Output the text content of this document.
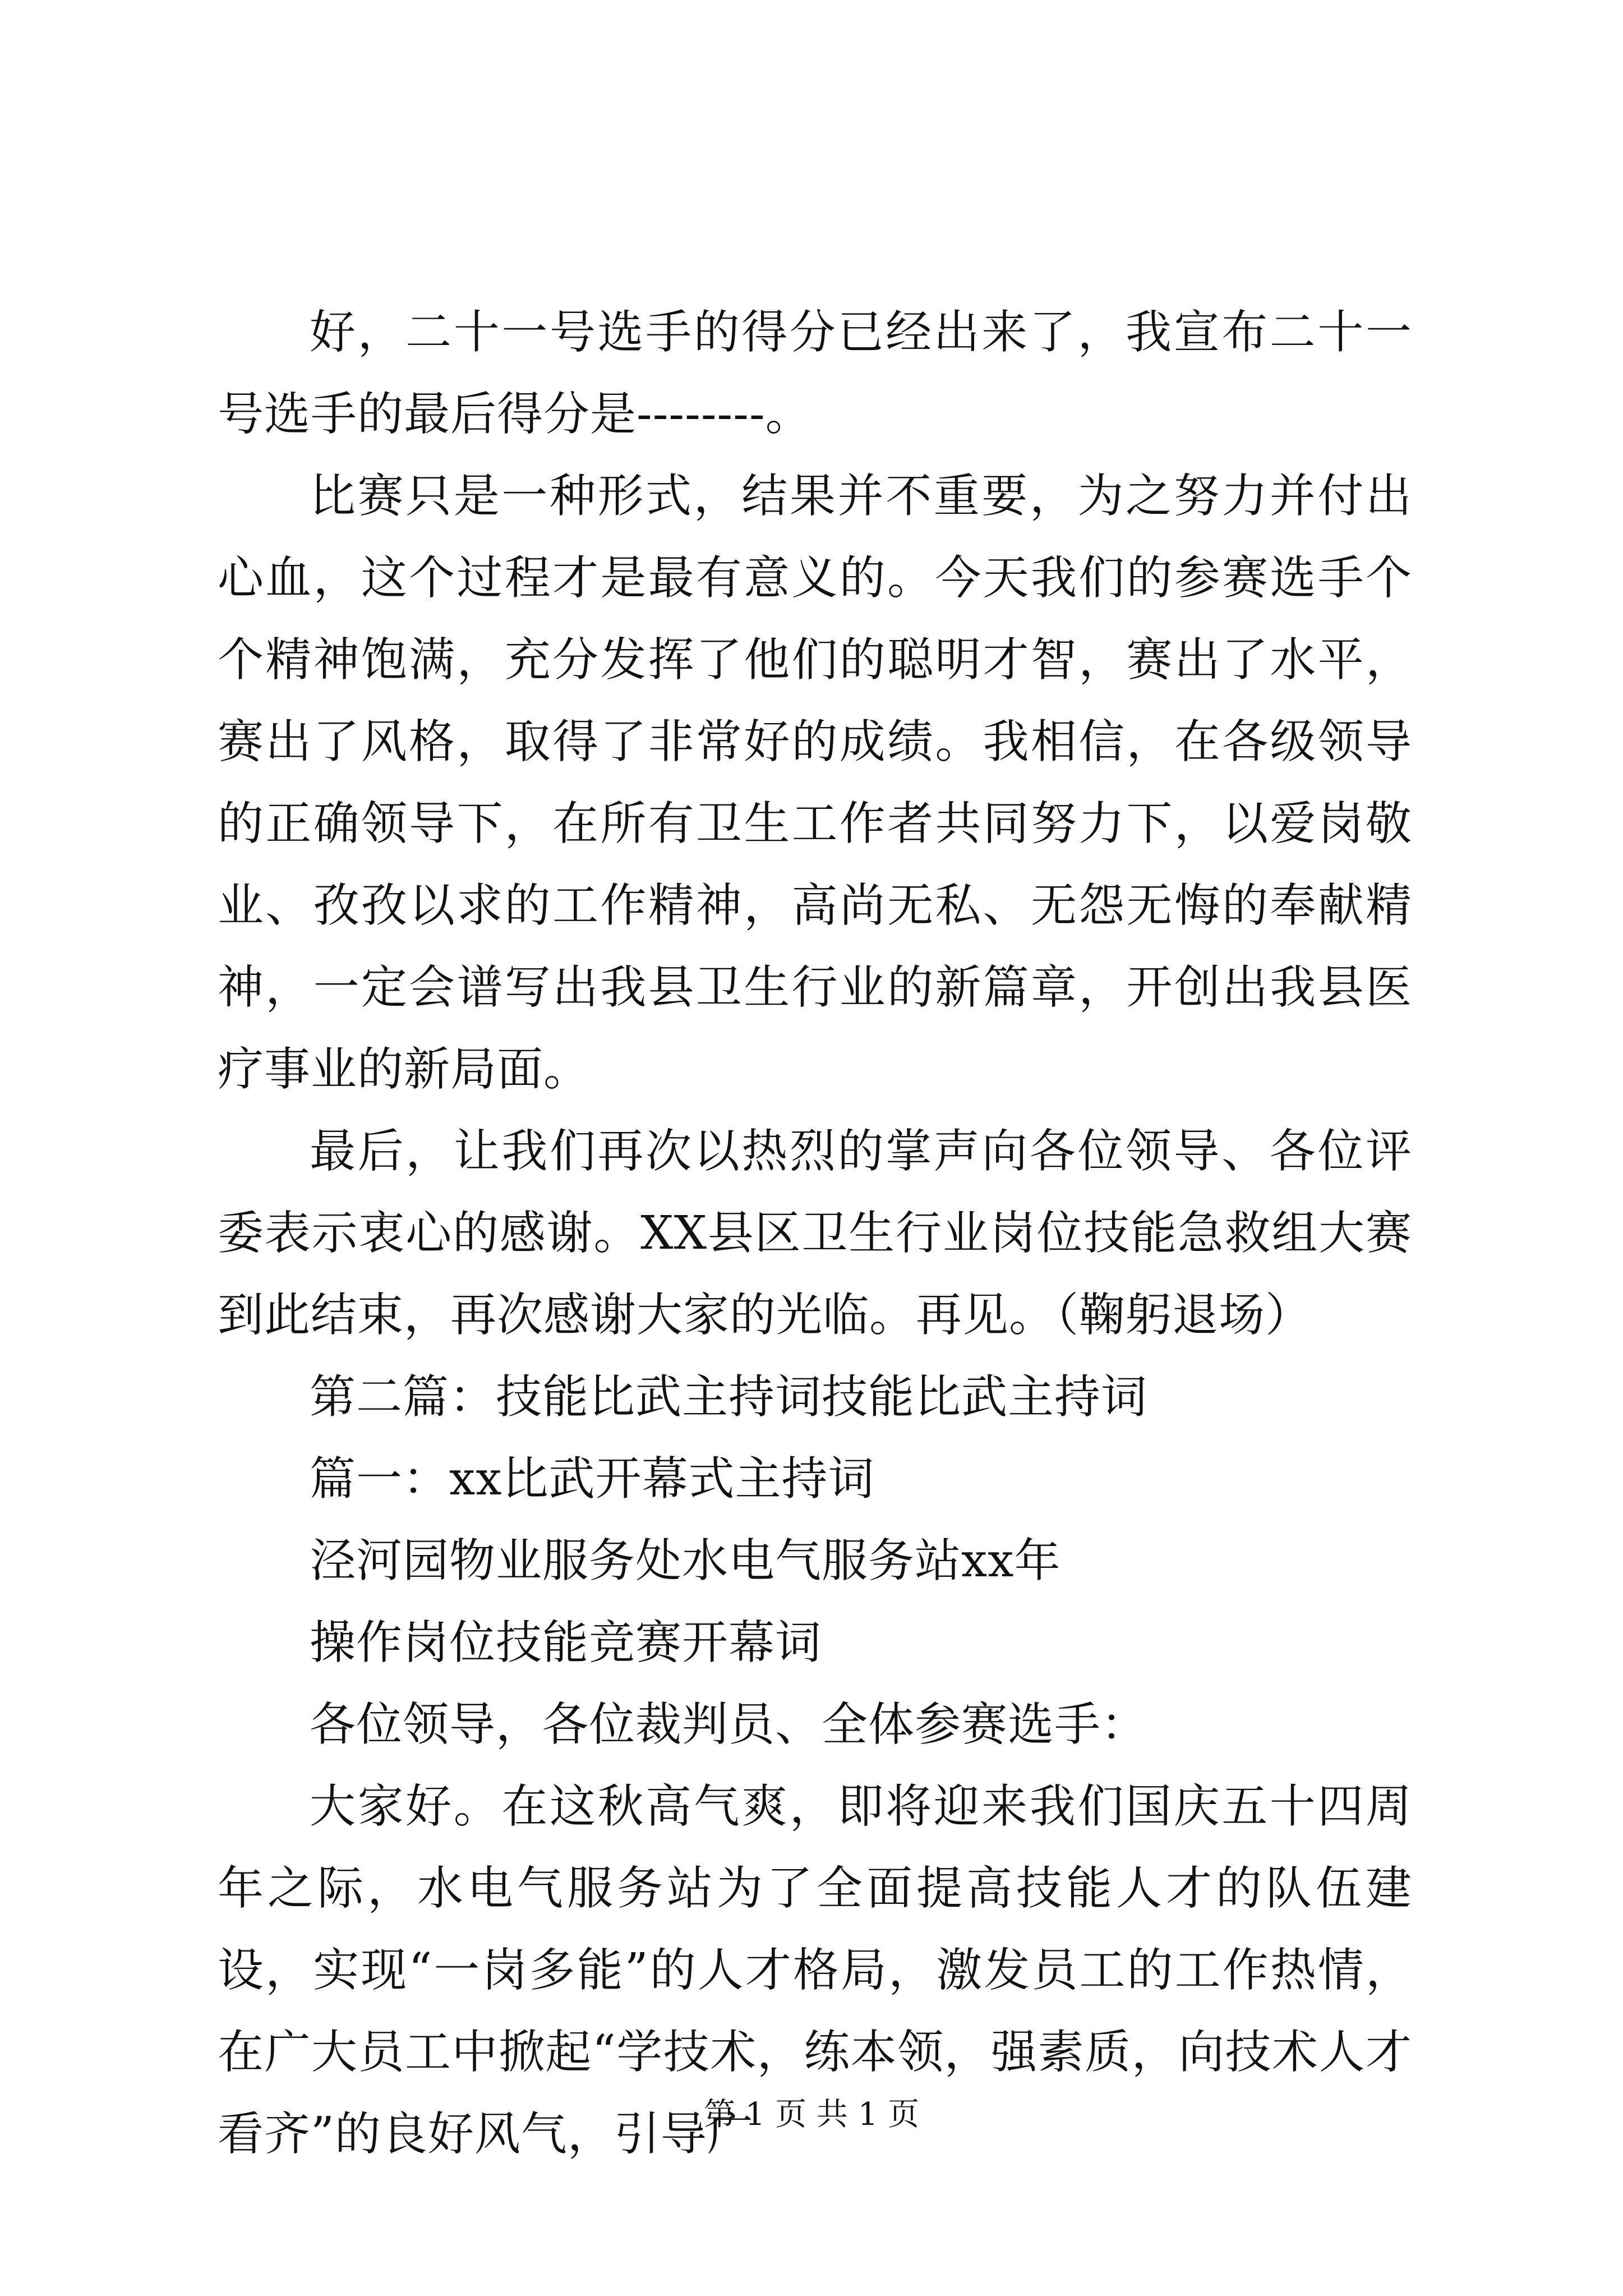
好，二十一号选手的得分已经出来了，我宣布二十一号选手的最后得分是--------。

比赛只是一种形式，结果并不重要，为之努力并付出心血，这个过程才是最有意义的。今天我们的参赛选手个个精神饱满，充分发挥了他们的聪明才智，赛出了水平，赛出了风格，取得了非常好的成绩。我相信，在各级领导的正确领导下，在所有卫生工作者共同努力下，以爱岗敬业、孜孜以求的工作精神，高尚无私、无怨无悔的奉献精神，一定会谱写出我县卫生行业的新篇章，开创出我县医疗事业的新局面。

最后，让我们再次以热烈的掌声向各位领导、各位评委表示衷心的感谢。XX县区卫生行业岗位技能急救组大赛到此结束，再次感谢大家的光临。再见。（鞠躬退场）

第二篇：技能比武主持词技能比武主持词

篇一：xx比武开幕式主持词

泾河园物业服务处水电气服务站xx年

操作岗位技能竞赛开幕词

各位领导，各位裁判员、全体参赛选手：

大家好。在这秋高气爽，即将迎来我们国庆五十四周年之际，水电气服务站为了全面提高技能人才的队伍建设，实现“一岗多能”的人才格局，激发员工的工作热情，在广大员工中掀起“学技术，练本领，强素质，向技术人才看齐”的良好风气，引导广

第 1 页 共 1 页
